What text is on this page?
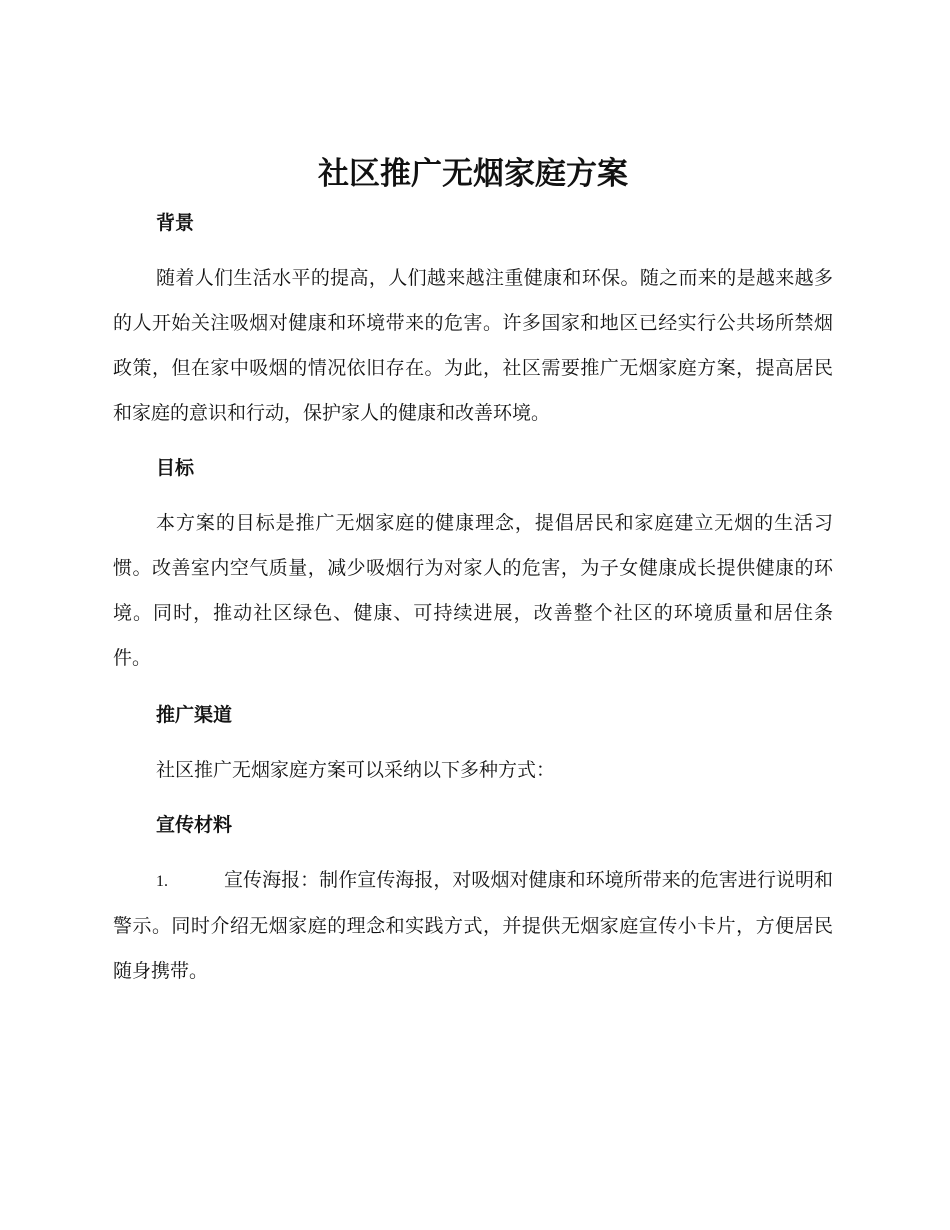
社区推广无烟家庭方案
背景

随着人们生活水平的提高，人们越来越注重健康和环保。随之而来的是越来越多的人开始关注吸烟对健康和环境带来的危害。许多国家和地区已经实行公共场所禁烟政策，但在家中吸烟的情况依旧存在。为此，社区需要推广无烟家庭方案，提高居民和家庭的意识和行动，保护家人的健康和改善环境。

目标

本方案的目标是推广无烟家庭的健康理念，提倡居民和家庭建立无烟的生活习惯。改善室内空气质量，减少吸烟行为对家人的危害，为子女健康成长提供健康的环境。同时，推动社区绿色、健康、可持续进展，改善整个社区的环境质量和居住条件。

推广渠道

社区推广无烟家庭方案可以采纳以下多种方式：

宣传材料

1.	宣传海报：制作宣传海报，对吸烟对健康和环境所带来的危害进行说明和警示。同时介绍无烟家庭的理念和实践方式，并提供无烟家庭宣传小卡片，方便居民随身携带。
